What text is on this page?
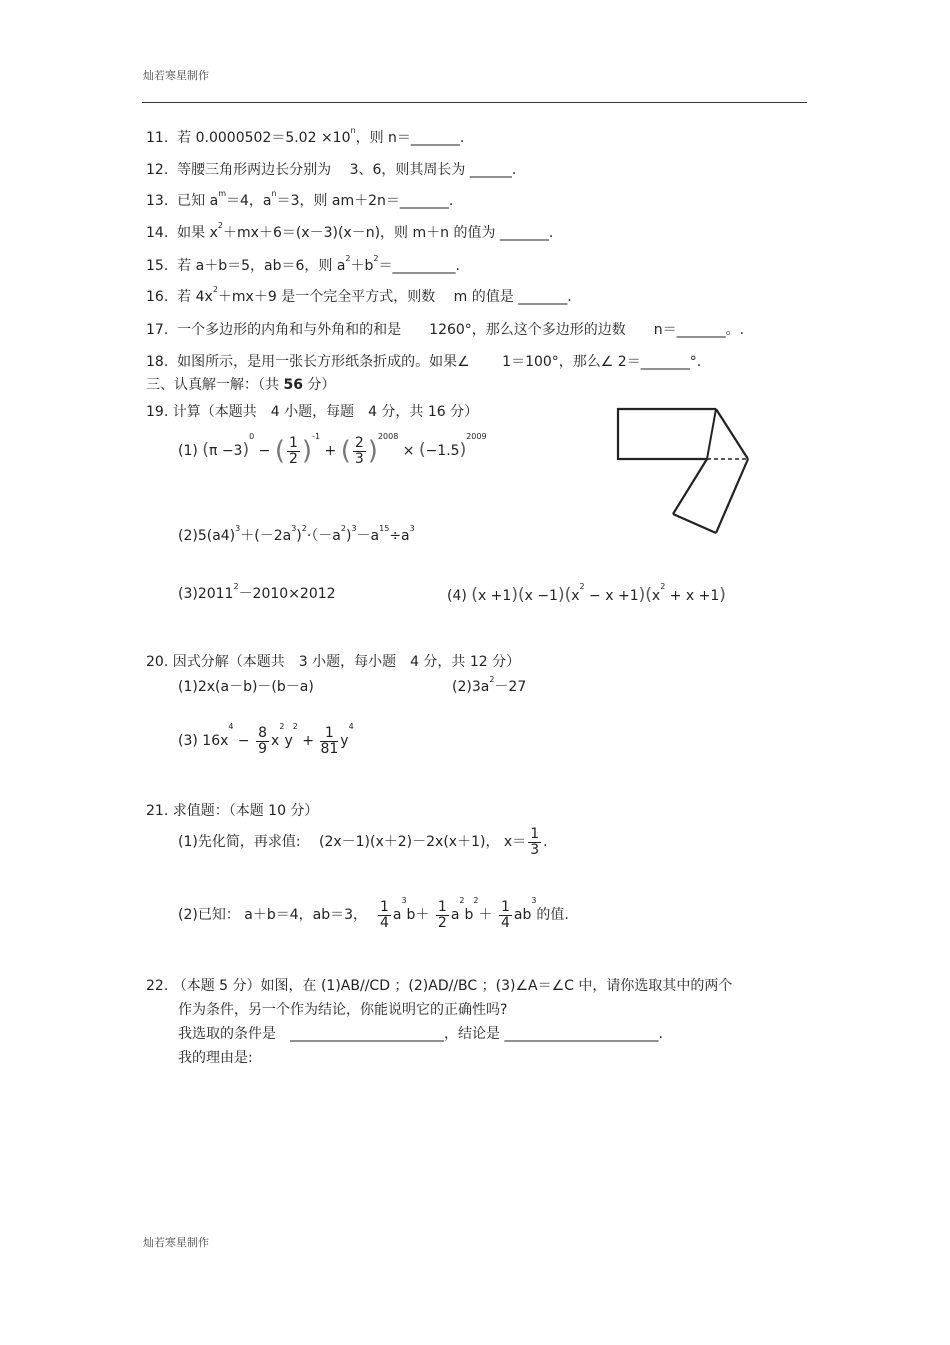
灿若寒星制作
11. 若 $0.0000502=5.02 \times 10^n$，则 n＝_______.
12. 等腰三角形两边长分别为　 3、6，则其周长为 ______.
13. 已知 $a^m=4$，$a^n=3$，则 am＋2n＝_______.
14. 如果 $x^2+mx+6=(x-3)(x-n)$，则 m＋n 的值为 _______.
15. 若 a＋b＝5，ab＝6，则 $a^2+b^2=\_\_\_\_\_\_\_\_\_$.
16. 若 $4x^2+mx+9$ 是一个完全平方式，则数　 m 的值是 _______.
17. 一个多边形的内角和与外角和的和是　　1260°，那么这个多边形的边数　　n＝_______。.
18. 如图所示，是用一张长方形纸条折成的。如果∠　　 1＝100°，那么∠ 2＝_______°.
三、认真解一解：（共 56 分）
19. 计算（本题共　4 小题，每题　4 分，共 16 分）
(1) $(\pi -3)^0$ − ( $\frac{1}{2} )^{-1}$ + ( $\frac{2}{3} )^{2008} \times (-1.5)^{2009}$
$(2)5(a4)^3+(-2a^3)^2\cdot(-a^2)^3-a^{15}\div a^3$
$(3)2011^2-2010\times 2012$	(4) $(x +1)(x -1)(x^2 - x +1)(x^2 + x +1)$
20. 因式分解（本题共　3 小题，每小题　4 分，共 12 分）
(1)2x(a－b)－(b－a)	$(2)3a^2-27$
(3) $16x^4 - \frac{8}{9} x^2y^2 + \frac{1}{81} y^4$
21. 求值题：（本题 10 分）
(1)先化简，再求值:　 (2x－1)(x＋2)－2x(x＋1)， $x= \frac{1}{3}$ .
(2)已知： a＋b＝4，ab＝3， $\frac{1}{4} a^3b+ \frac{1}{2} a^2b^2+ \frac{1}{4} ab^3$的值.
22. （本题 5 分）如图，在 (1)AB//CD ；(2)AD//BC ；(3)∠A＝∠C 中，请你选取其中的两个
作为条件，另一个作为结论，你能说明它的正确性吗?
我选取的条件是　______________________，结论是 ______________________.
我的理由是:
灿若寒星制作
